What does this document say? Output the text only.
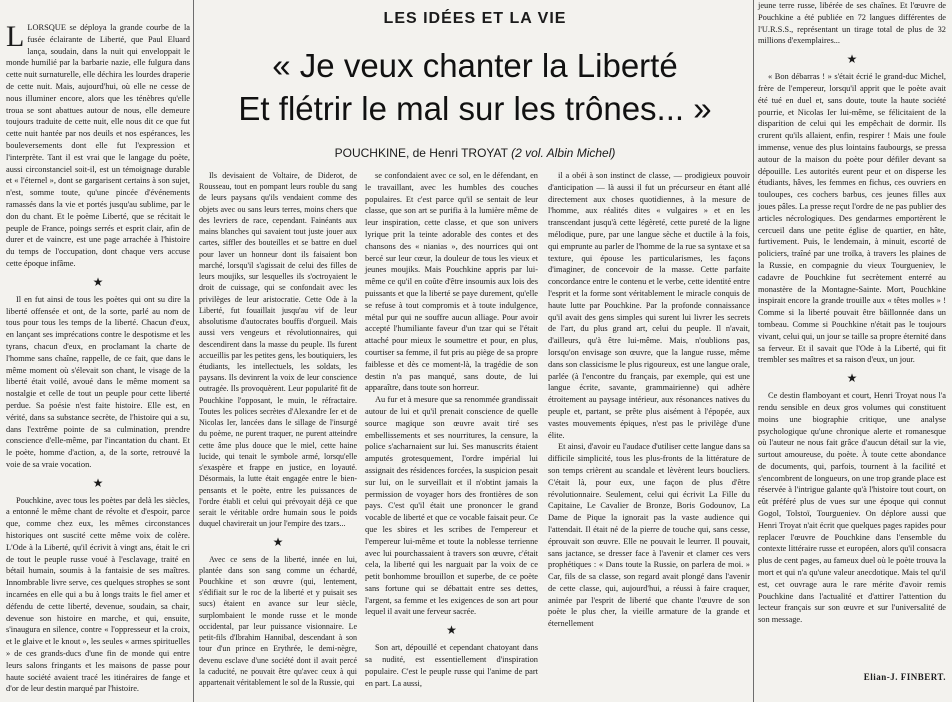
LLORSQUE se déploya la grande courbe de la fusée éclairante de Liberté, que Paul Eluard lança, soudain, dans la nuit qui enveloppait le monde humilié par la barbarie nazie, elle fulgura dans cette nuit surnaturelle, elle déchira les lourdes draperie de cette nuit. Mais, aujourd'hui, où elle ne cesse de nous illuminer encore, alors que les ténèbres qu'elle troua se sont abattues autour de nous, elle demeure toujours traduite de cette nuit, elle nous dit ce que fut cette nuit hantée par nos deuils et nos espérances, les bouleversements dont elle fut l'expression et l'interprète. Tant il est vrai que le langage du poète, aussi circonstanciel soit-il, est un témoignage durable et « l'éternel », dont se gargarisent certains à son sujet, n'est, somme toute, qu'une pincée d'événements ramassés dans la vie et portés jusqu'au sublime, par le don du chant. Et le poème Liberté, que se récitait le peuple de France, poings serrés et esprit clair, afin de durer et de vaincre, est une page arrachée à l'histoire du temps de l'occupation, dont chaque vers accuse cette époque infâme.

★

Il en fut ainsi de tous les poètes qui ont su dire la liberté offensée et ont, de la sorte, parlé au nom de tous pour tous les temps de la liberté. Chacun d'eux, en lançant ses imprécations contre le despotisme et les tyrans, chacun d'eux, en proclamant la charte de l'homme sans chaîne, rappelle, de ce fait, que dans le même moment où s'élevait son chant, le visage de la liberté était voilé, avoué dans le même moment sa nostalgie et celle de tout un peuple pour cette liberté perdue. Sa poésie n'est faite histoire. Elle est, en vérité, dans sa substance secrète, de l'histoire qui a su, dans l'extrême pointe de sa culmination, prendre conscience d'elle-même, par l'incantation du chant. Et le poète, homme d'action, a, de la sorte, retrouvé la voie de sa vraie vocation.

★

Pouchkine, avec tous les poètes par delà les siècles, a entonné le même chant de révolte et d'espoir, parce que, comme chez eux, les mêmes circonstances historiques ont suscité cette même voix de colère. L'Ode à la Liberté, qu'il écrivit à vingt ans, était le cri de tout le peuple russe voué à l'esclavage, traité en bétail humain, soumis à la fantaisie de ses maîtres. Innombrable livre serve, ces quelques strophes se sont incarnées en elle qui a bu à longs traits le fiel amer et défendu de cette liberté, devenue, soudain, sa chair, devenue son histoire en marche, et qui, ensuite, s'inaugura en silence, contre « l'oppresseur et la croix, et le glaive et le knout », les seules « armes spirituelles » de ces grands-ducs d'une fin de monde qui entre leurs salons fringants et les maisons de passe pour haute société avaient tracé les itinéraires de fange et d'or de leur destin marqué par l'histoire.

LES IDÉES ET LA VIE
« Je veux chanter la Liberté
Et flétrir le mal sur les trônes... »
POUCHKINE, de Henri TROYAT (2 vol. Albin Michel)

Ils devisaient de Voltaire, de Diderot, de Rousseau, tout en pompant leurs rouble du sang de leurs paysans qu'ils vendaient comme des objets avec ou sans leurs terres, moins chers que des levriers de race, cependant. Fainéants aux mains blanches qui savaient tout juste jouer aux cartes, siffler des bouteilles et se battre en duel pour laver un honneur dont ils faisaient bon marché, lorsqu'il s'agissait de celui des filles de leurs moujiks, sur lesquelles ils s'octroyaient le droit de cuissage, qui se confondait avec les privilèges de leur aristocratie. Cette Ode à la Liberté, fut fouaillait jusqu'au vif de leur absolutisme d'autocrates bouffis d'orgueil. Mais aussi vers vengeurs et révolutionnaires, qui descendirent dans la masse du peuple. Ils furent accueillis par les petites gens, les boutiquiers, les étudiants, les intellectuels, les soldats, les paysans. Ils devinrent la voix de leur conscience outragée. Ils provoquèrent. Leur popularité fit de Pouchkine l'opposant, le muin, le réfractaire. Toutes les polices secrètes d'Alexandre Ier et de Nicolas Ier, lancées dans le sillage de l'insurgé du poème, ne purent traquer, ne purent atteindre cette âme plus douce que le miel, cette haine lucide, qui tenait le symbole armé, lorsqu'elle s'exaspère et frappe en justice, en loyauté. Désormais, la lutte était engagée entre le bien-pensants et le poète, entre les puissances de l'ordre établi et celui qui prévoyait déjà ce que serait le véritable ordre humain sous le poids duquel chavirerait un jour l'empire des tzars...

★

Avec ce sens de la liberté, innée en lui, plantée dans son sang comme un échardé, Pouchkine et son œuvre (qui, lentement, s'édifiait sur le roc de la liberté et y puisait ses sucs) étaient en avance sur leur siècle, surplombaient le monde russe et le monde occidental, par leur puissance visionnaire. Le petit-fils d'Ibrahim Hannibal, descendant à son tour d'un prince en Erythrée, le demi-nègre, devenu esclave d'une société dont il avait percé la caducité, ne pouvait être qu'avec ceux à qui appartenait véritablement le sol de la Russie, qui

se confondaient avec ce sol, en le défendant, en le travaillant, avec les humbles des couches populaires. Et c'est parce qu'il se sentait de leur classe, que son art se purifia à la lumière même de leur inspiration, cette classe, et que son univers lyrique prit la teinte adorable des contes et des chansons des « nianias », des nourrices qui ont bercé sur leur cœur, la douleur de tous les vieux et jeunes moujiks. Mais Pouchkine appris par lui-même ce qu'il en coûte d'être insoumis aux lois des puissants et que la liberté se paye durement, qu'elle se refuse à tout compromis et à toute indulgence, métal pur qui ne souffre aucun alliage. Pour avoir accepté l'humiliante faveur d'un tzar qui se l'était attaché pour mieux le soumettre et pour, en plus, courtiser sa femme, il fut pris au piège de sa propre faiblesse et dès ce moment-là, la tragédie de son destin n'a pas manqué, sans doute, de lui apparaître, dans toute son horreur.

Au fur et à mesure que sa renommée grandissait autour de lui et qu'il prenait conscience de quelle source magique son œuvre avait tiré ses embellissements et ses nourritures, la censure, la police s'acharnaient sur lui. Ses manuscrits étaient amputés grotesquement, l'ordre impérial lui assignait des résidences forcées, la suspicion pesait sur lui, on le surveillait et il n'obtint jamais la permission de voyager hors des frontières de son pays. C'est qu'il était une prononcer le grand vocable de liberté et que ce vocable faisait peur. Ce que les sbires et les scribes de l'empereur et l'empereur lui-même et toute la noblesse terrienne avec lui pourchassaient à travers son œuvre, c'était cela, la liberté qui les narguait par la voix de ce petit bonhomme brouillon et superbe, de ce poète sans fortune qui se débattait entre ses dettes, l'argent, sa femme et les exigences de son art pour lequel il avait une ferveur sacrée.

★

Son art, dépouillé et cependant chatoyant dans sa nudité, est essentiellement d'inspiration populaire. C'est le peuple russe qui l'anime de part en part. La aussi,

il a obéi à son instinct de classe, — prodigieux pouvoir d'anticipation — là aussi il fut un précurseur en étant allé directement aux choses quotidiennes, à la mesure de l'homme, aux réalités dites « vulgaires » et en les transcendant jusqu'à cette légèreté, cette pureté de la ligne mélodique, pure, par une langue sèche et ductile à la fois, qui emprunte au parler de l'homme de la rue sa syntaxe et sa texture, qui épouse les particularismes, les façons d'imaginer, de concevoir de la masse. Cette parfaite concordance entre le contenu et le verbe, cette identité entre l'esprit et la forme sont véritablement le miracle conquis de haute lutte par Pouchkine. Par la profonde connaissance qu'il avait des gens simples qui surent lui livrer les secrets de l'art, du plus grand art, celui du peuple. Il n'avait, d'ailleurs, qu'à être lui-même. Mais, n'oublions pas, lorsqu'on envisage son œuvre, que la langue russe, même dans son classicisme le plus rigoureux, est une langue orale, parlée (à l'encontre du français, par exemple, qui est une langue écrite, savante, grammairienne) qui adhère étroitement au paysage intérieur, aux résonances natives du peuple et, partant, se prête plus aisément à l'épopée, aux vastes mouvements épiques, n'est pas le privilège d'une élite.

Et ainsi, d'avoir eu l'audace d'utiliser cette langue dans sa difficile simplicité, tous les plus-fronts de la littérature de son temps crièrent au scandale et lèvèrent leurs boucliers. C'était là, pour eux, une façon de plus d'être révolutionnaire. Seulement, celui qui écrivit La Fille du Capitaine, Le Cavalier de Bronze, Boris Godounov, La Dame de Pique la ignorait pas la vaste audience qui l'attendait. Il était né de la pierre de touche qui, sans cesse, éprouvait son œuvre. Elle ne pouvait le leurrer. Il pouvait, sans jactance, se dresser face à l'avenir et clamer ces vers prophétiques : « Dans toute la Russie, on parlera de moi. » Car, fils de sa classe, son regard avait plongé dans l'avenir de cette classe, qui, aujourd'hui, a réussi à faire craquer, animée par l'esprit de liberté que chante l'œuvre de son poète le plus cher, la vieille armature de la grande et éternellement

jeune terre russe, libérée de ses chaînes. Et l'œuvre de Pouchkine a été publiée en 72 langues différentes de l'U.R.S.S., représentant un tirage total de plus de 32 millions d'exemplaires...

★

« Bon débarras ! » s'était écrié le grand-duc Michel, frère de l'empereur, lorsqu'il apprit que le poète avait été tué en duel et, sans doute, toute la haute société pourrie, et Nicolas Ier lui-même, se félicitaient de la disparition de celui qui les empêchait de dormir. Ils crurent qu'ils allaient, enfin, respirer ! Mais une foule immense, venue des plus lointains faubourgs, se pressa autour de la maison du poète pour défiler devant sa dépouille. Les autorités eurent peur et on disperse les étudiants, hâves, les femmes en fichus, ces ouvriers en touloupes, ces cochers barbus, ces jeunes filles aux joues pâles. La presse reçut l'ordre de ne pas publier des articles nécrologiques. Des gendarmes emportèrent le cercueil dans une petite église de quartier, en hâte, furtivement. Puis, le lendemain, à minuit, escorté de policiers, traîné par une troïka, à travers les plaines de la Russie, en compagnie du vieux Tourgueniev, le cadavre de Pouchkine fut secrètement enterré au monastère de la Montagne-Sainte. Mort, Pouchkine inspirait encore la grande trouille aux « têtes molles » ! Comme si la liberté pouvait être bâillonnée dans un tombeau. Comme si Pouchkine n'était pas le toujours vivant, celui qui, un jour se taille sa propre éternité dans sa ferveur. Et il savait que l'Ode à la Liberté, qui fit trembler ses maîtres et sa raison d'eux, un jour.

★

Ce destin flamboyant et court, Henri Troyat nous l'a rendu sensible en deux gros volumes qui constituent moins une biographie critique, une analyse psychologique qu'une chronique alerte et romanesque où l'auteur ne nous fait grâce d'aucun détail sur la vie, surtout amoureuse, du poète. À toute cette abondance de documents, qui, parfois, tournent à la facilité et s'encombrent de longueurs, on une trop grande place est réservée à l'intrigue galante qu'à l'histoire tout court, on eût préféré plus de vues sur une époque qui connut Gogol, Tolstoï, Tourgueniev. On déplore aussi que Henri Troyat n'ait écrit que quelques pages rapides pour replacer l'œuvre de Pouchkine dans l'ensemble du contexte littéraire russe et européen, alors qu'il consacra plus de cent pages, au fameux duel où le poète trouva la mort et qui n'a qu'une valeur anecdotique. Mais tel qu'il est, cet ouvrage aura le rare mérite d'avoir remis Pouchkine dans l'actualité et d'attirer l'attention du lecteur français sur son œuvre et sur l'universalité de son message.

Elian-J. FINBERT.
